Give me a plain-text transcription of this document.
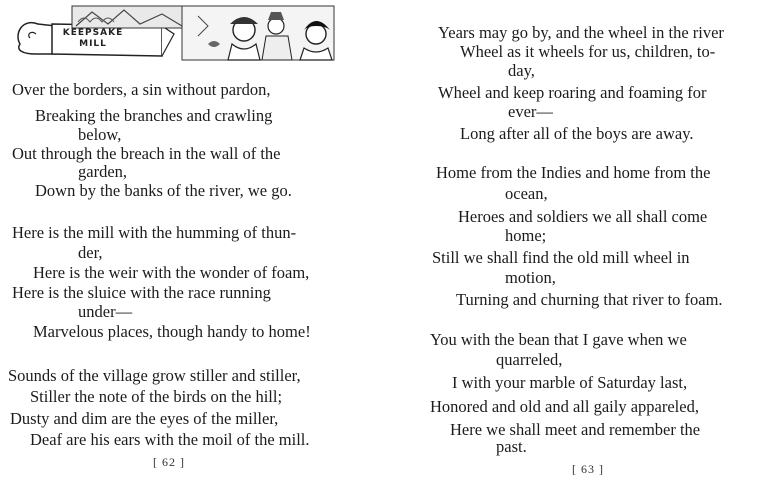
KEEPSAKE
MILL
Over the borders, a sin without pardon,
Breaking the branches and crawling
below,
Out through the breach in the wall of the
garden,
Down by the banks of the river, we go.
Here is the mill with the humming of thun-
der,
Here is the weir with the wonder of foam,
Here is the sluice with the race running
under—
Marvelous places, though handy to home!
Sounds of the village grow stiller and stiller,
Stiller the note of the birds on the hill;
Dusty and dim are the eyes of the miller,
Deaf are his ears with the moil of the mill.
[ 62 ]
Years may go by, and the wheel in the river
Wheel as it wheels for us, children, to-
day,
Wheel and keep roaring and foaming for
ever—
Long after all of the boys are away.
Home from the Indies and home from the
ocean,
Heroes and soldiers we all shall come
home;
Still we shall find the old mill wheel in
motion,
Turning and churning that river to foam.
You with the bean that I gave when we
quarreled,
I with your marble of Saturday last,
Honored and old and all gaily appareled,
Here we shall meet and remember the
past.
[ 63 ]
